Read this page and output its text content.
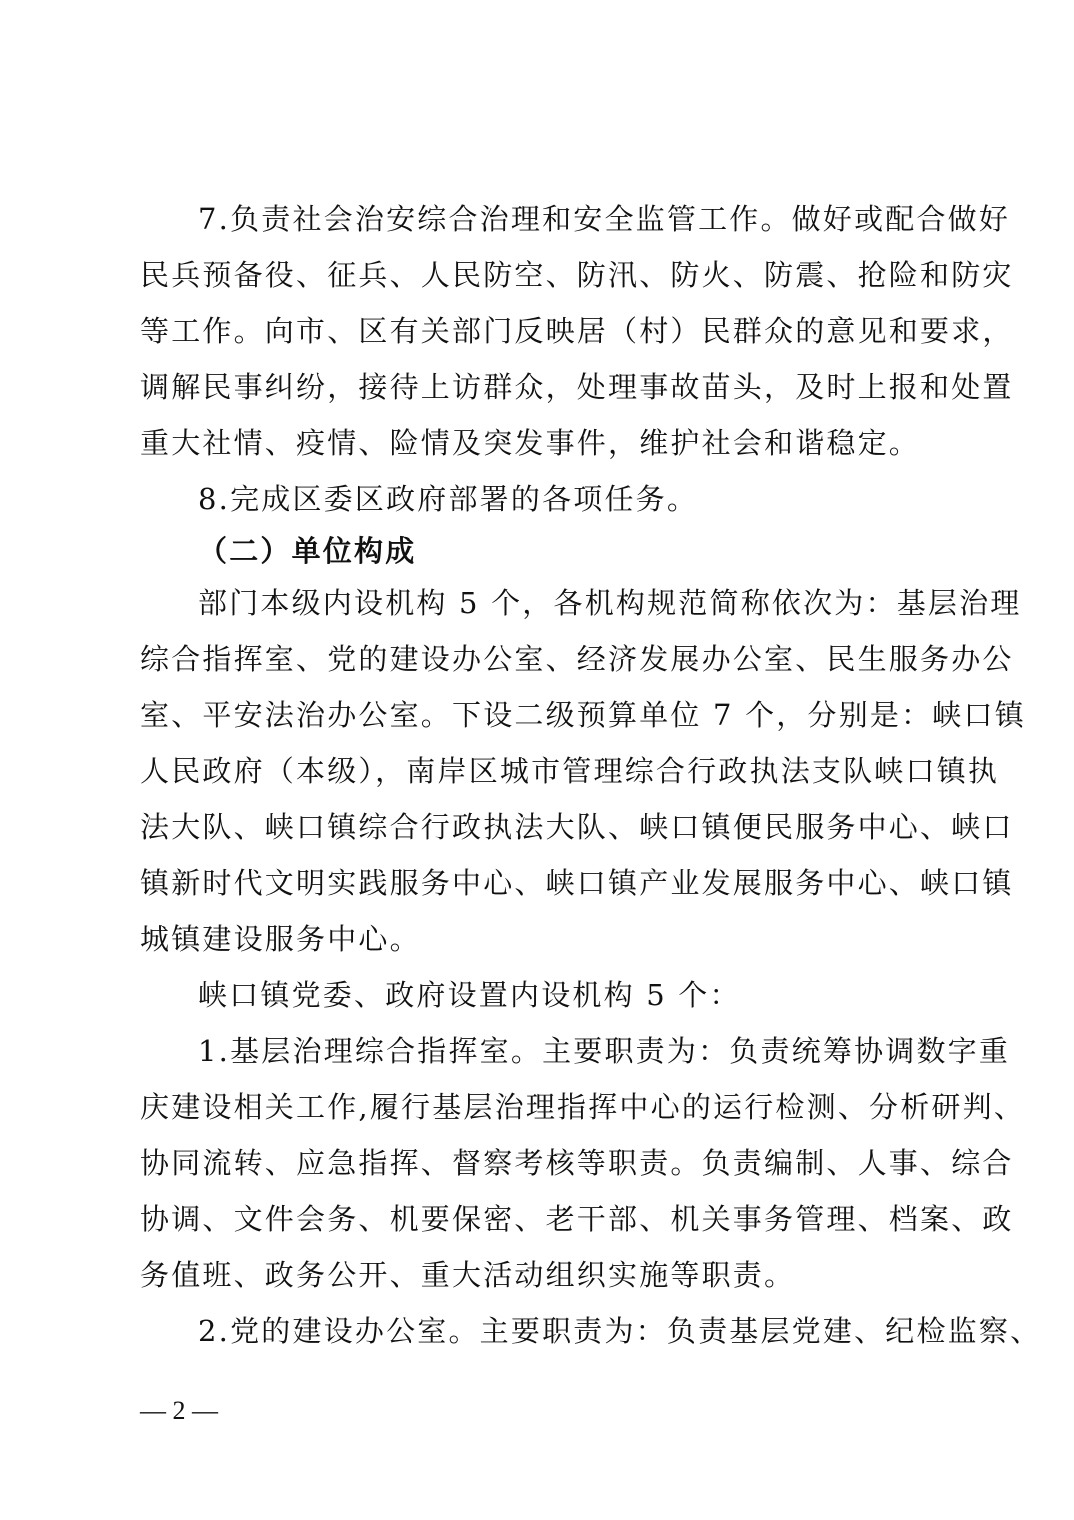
7.负责社会治安综合治理和安全监管工作。做好或配合做好
民兵预备役、征兵、人民防空、防汛、防火、防震、抢险和防灾
等工作。向市、区有关部门反映居（村）民群众的意见和要求，
调解民事纠纷，接待上访群众，处理事故苗头，及时上报和处置
重大社情、疫情、险情及突发事件，维护社会和谐稳定。
8.完成区委区政府部署的各项任务。
（二）单位构成
部门本级内设机构 5 个，各机构规范简称依次为：基层治理
综合指挥室、党的建设办公室、经济发展办公室、民生服务办公
室、平安法治办公室。下设二级预算单位 7 个，分别是：峡口镇
人民政府（本级），南岸区城市管理综合行政执法支队峡口镇执
法大队、峡口镇综合行政执法大队、峡口镇便民服务中心、峡口
镇新时代文明实践服务中心、峡口镇产业发展服务中心、峡口镇
城镇建设服务中心。
峡口镇党委、政府设置内设机构 5 个：
1.基层治理综合指挥室。主要职责为：负责统筹协调数字重
庆建设相关工作,履行基层治理指挥中心的运行检测、分析研判、
协同流转、应急指挥、督察考核等职责。负责编制、人事、综合
协调、文件会务、机要保密、老干部、机关事务管理、档案、政
务值班、政务公开、重大活动组织实施等职责。
2.党的建设办公室。主要职责为：负责基层党建、纪检监察、
— 2 —
